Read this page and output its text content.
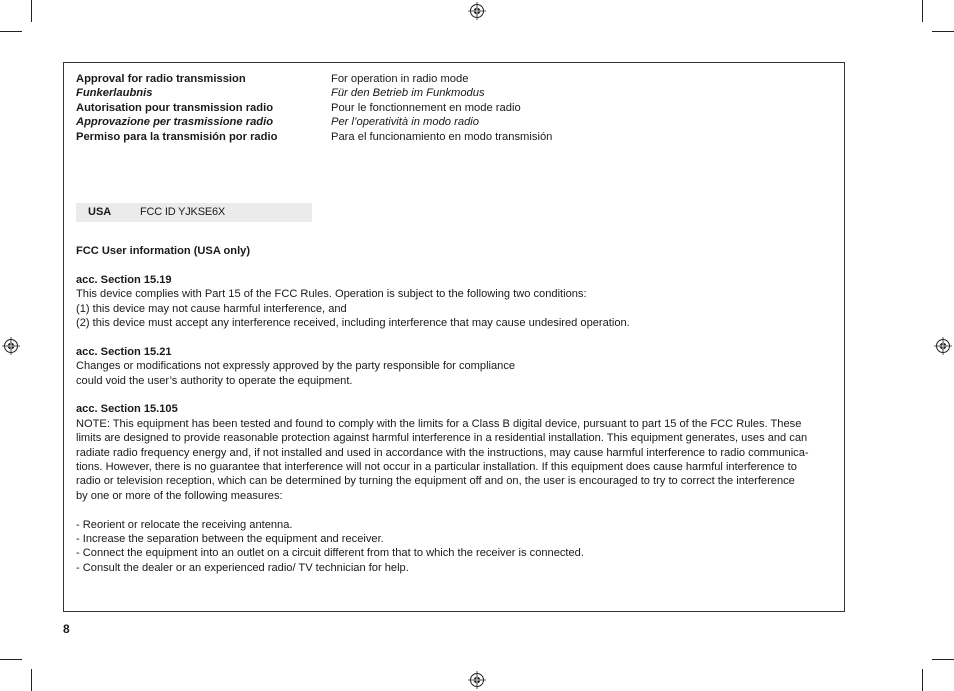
Approval for radio transmission	For operation in radio mode
Funkerlaubnis	Für den Betrieb im Funkmodus
Autorisation pour transmission radio	Pour le fonctionnement en mode radio
Approvazione per trasmissione radio	Per l’operatività in modo radio
Permiso para la transmisión por radio	Para el funcionamiento en modo transmisión
USA	FCC ID YJKSE6X

FCC User information (USA only)

acc. Section 15.19

This device complies with Part 15 of the FCC Rules. Operation is subject to the following two conditions:

(1) this device may not cause harmful interference, and

(2) this device must accept any interference received, including interference that may cause undesired operation.

acc. Section 15.21

Changes or modifications not expressly approved by the party responsible for compliance

could void the user’s authority to operate the equipment.

acc. Section 15.105

NOTE: This equipment has been tested and found to comply with the limits for a Class B digital device, pursuant to part 15 of the FCC Rules. These

limits are designed to provide reasonable protection against harmful interference in a residential installation. This equipment generates, uses and can

radiate radio frequency energy and, if not installed and used in accordance with the instructions, may cause harmful interference to radio communica-

tions. However, there is no guarantee that interference will not occur in a particular installation. If this equipment does cause harmful interference to

radio or television reception, which can be determined by turning the equipment off and on, the user is encouraged to try to correct the interference

by one or more of the following measures:

- Reorient or relocate the receiving antenna.

- Increase the separation between the equipment and receiver.

- Connect the equipment into an outlet on a circuit different from that to which the receiver is connected.

- Consult the dealer or an experienced radio/ TV technician for help.

8
